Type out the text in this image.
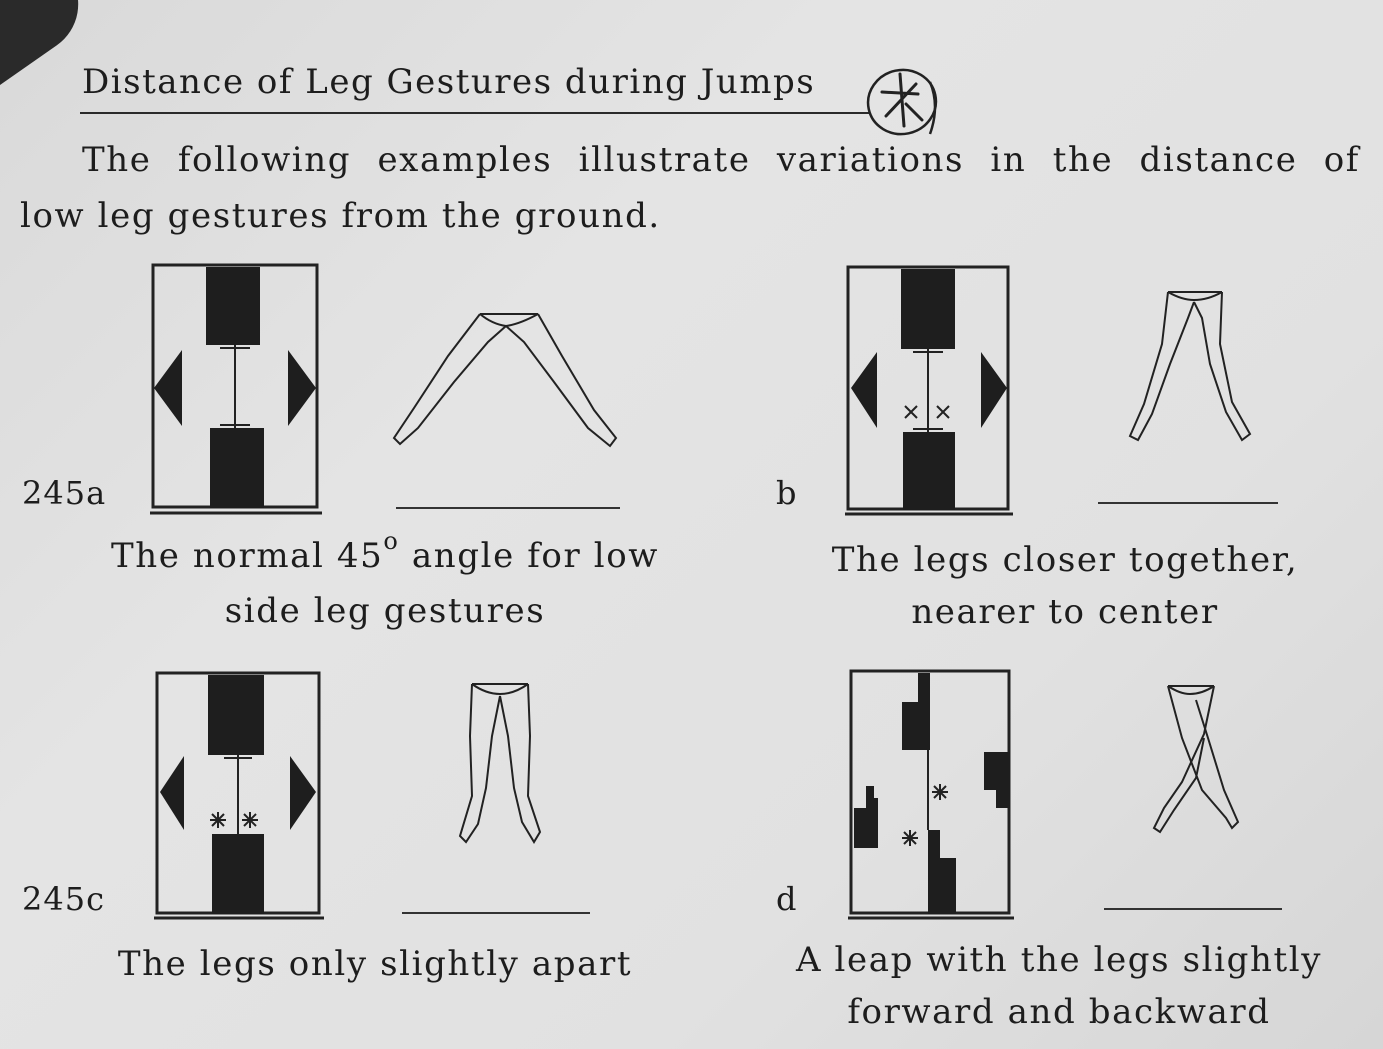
Distance of Leg Gestures during Jumps
The following examples illustrate variations in the distance of
low leg gestures from the ground.
245a
The normal 45$^o$ angle for low
side leg gestures
b
The legs closer together,
nearer to center
245c
The legs only slightly apart
d
A leap with the legs slightly
forward and backward
